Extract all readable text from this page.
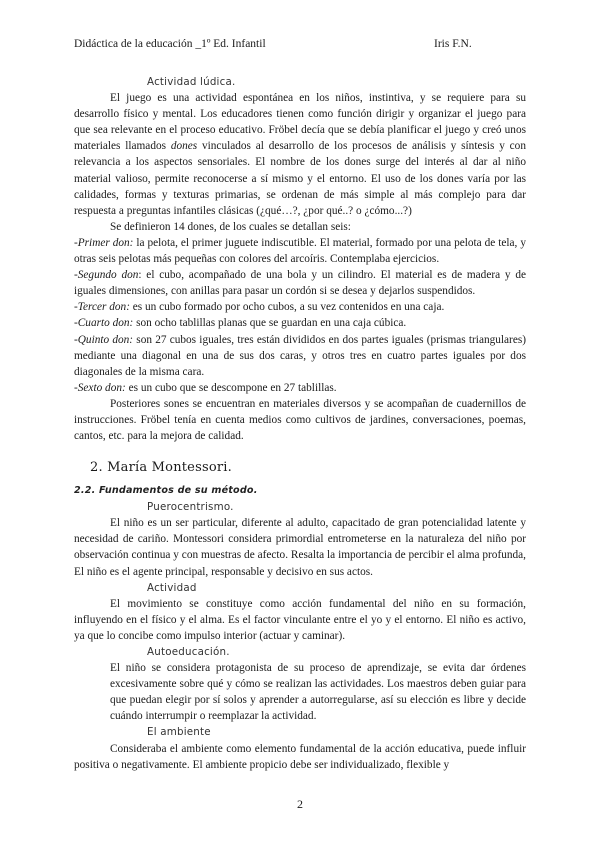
Didáctica de la educación _1º Ed. Infantil	Iris F.N.
Actividad lúdica.

El juego es una actividad espontánea en los niños, instintiva, y se requiere para su desarrollo físico y mental. Los educadores tienen como función dirigir y organizar el juego para que sea relevante en el proceso educativo. Fröbel decía que se debía planificar el juego y creó unos materiales llamados dones vinculados al desarrollo de los procesos de análisis y síntesis y con relevancia a los aspectos sensoriales. El nombre de los dones surge del interés al dar al niño material valioso, permite reconocerse a sí mismo y el entorno. El uso de los dones varía por las calidades, formas y texturas primarias, se ordenan de más simple al más complejo para dar respuesta a preguntas infantiles clásicas (¿qué…?, ¿por qué..? o ¿cómo...?)

Se definieron 14 dones, de los cuales se detallan seis:

-Primer don: la pelota, el primer juguete indiscutible. El material, formado por una pelota de tela, y otras seis pelotas más pequeñas con colores del arcoíris. Contemplaba ejercicios.

-Segundo don: el cubo, acompañado de una bola y un cilindro. El material es de madera y de iguales dimensiones, con anillas para pasar un cordón si se desea y dejarlos suspendidos.

-Tercer don: es un cubo formado por ocho cubos, a su vez contenidos en una caja.

-Cuarto don: son ocho tablillas planas que se guardan en una caja cúbica.

-Quinto don: son 27 cubos iguales, tres están divididos en dos partes iguales (prismas triangulares) mediante una diagonal en una de sus dos caras, y otros tres en cuatro partes iguales por dos diagonales de la misma cara.

-Sexto don: es un cubo que se descompone en 27 tablillas.

Posteriores sones se encuentran en materiales diversos y se acompañan de cuadernillos de instrucciones. Fröbel tenía en cuenta medios como cultivos de jardines, conversaciones, poemas, cantos, etc. para la mejora de calidad.

2. María Montessori.
2.2. Fundamentos de su método.
Puerocentrismo.

El niño es un ser particular, diferente al adulto, capacitado de gran potencialidad latente y necesidad de cariño. Montessori considera primordial entrometerse en la naturaleza del niño por observación continua y con muestras de afecto. Resalta la importancia de percibir el alma profunda, El niño es el agente principal, responsable y decisivo en sus actos.

Actividad

El movimiento se constituye como acción fundamental del niño en su formación, influyendo en el físico y el alma. Es el factor vinculante entre el yo y el entorno. El niño es activo, ya que lo concibe como impulso interior (actuar y caminar).

Autoeducación.

El niño se considera protagonista de su proceso de aprendizaje, se evita dar órdenes excesivamente sobre qué y cómo se realizan las actividades. Los maestros deben guiar para que puedan elegir por sí solos y aprender a autorregularse, así su elección es libre y decide cuándo interrumpir o reemplazar la actividad.

El ambiente

Consideraba el ambiente como elemento fundamental de la acción educativa, puede influir positiva o negativamente. El ambiente propicio debe ser individualizado, flexible y

2
